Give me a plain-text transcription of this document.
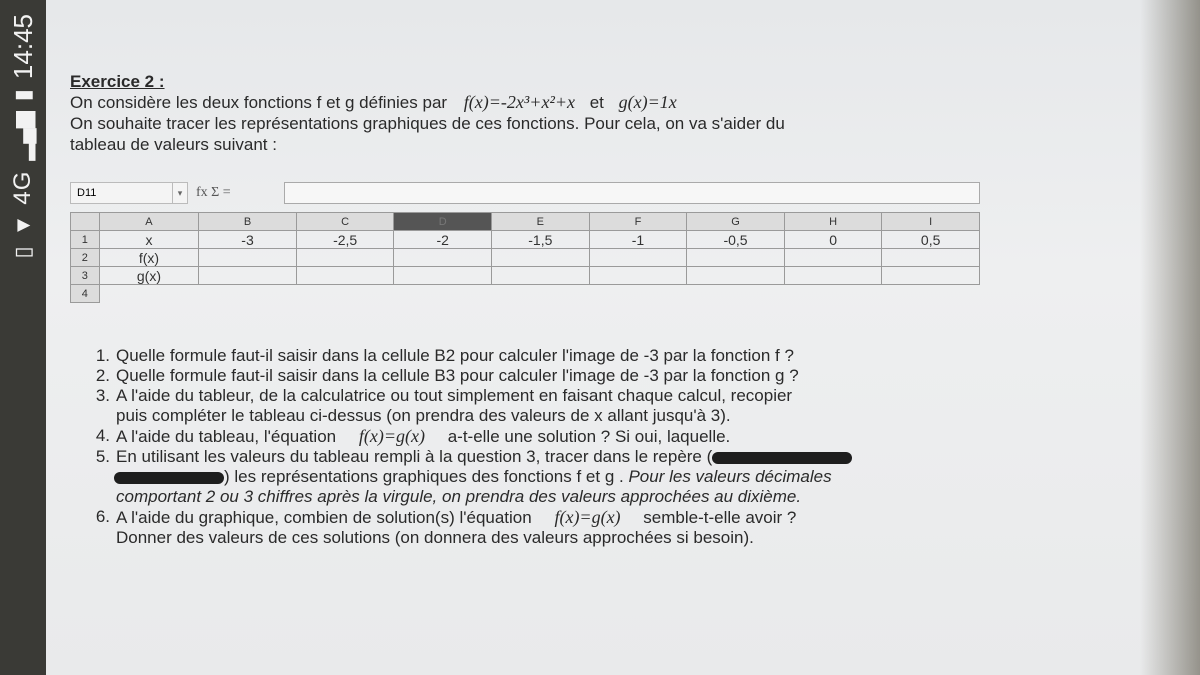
▯
▼
4G
▂▄▆
▮
14:45
Exercice 2 :
On considère les deux fonctions f et g définies par f(x)=-2x³+x²+x et g(x)=1x
On souhaite tracer les représentations graphiques de ces fonctions. Pour cela, on va s'aider du
tableau de valeurs suivant :
D11	▾ fx Σ =
	A	B	C	D	E	F	G	H	I
1	x	-3	-2,5	-2	-1,5	-1	-0,5	0	0,5
2	f(x)								
3	g(x)								
4									
1. Quelle formule faut-il saisir dans la cellule B2 pour calculer l'image de -3 par la fonction f ?
2. Quelle formule faut-il saisir dans la cellule B3 pour calculer l'image de -3 par la fonction g ?
3. A l'aide du tableur, de la calculatrice ou tout simplement en faisant chaque calcul, recopier
puis compléter le tableau ci-dessus (on prendra des valeurs de x allant jusqu'à 3).
4. A l'aide du tableau, l'équation f(x)=g(x) a-t-elle une solution ? Si oui, laquelle.
5. En utilisant les valeurs du tableau rempli à la question 3, tracer dans le repère (
) les représentations graphiques des fonctions f et g . Pour les valeurs décimales
comportant 2 ou 3 chiffres après la virgule, on prendra des valeurs approchées au dixième.
6. A l'aide du graphique, combien de solution(s) l'équation f(x)=g(x) semble-t-elle avoir ?
Donner des valeurs de ces solutions (on donnera des valeurs approchées si besoin).
